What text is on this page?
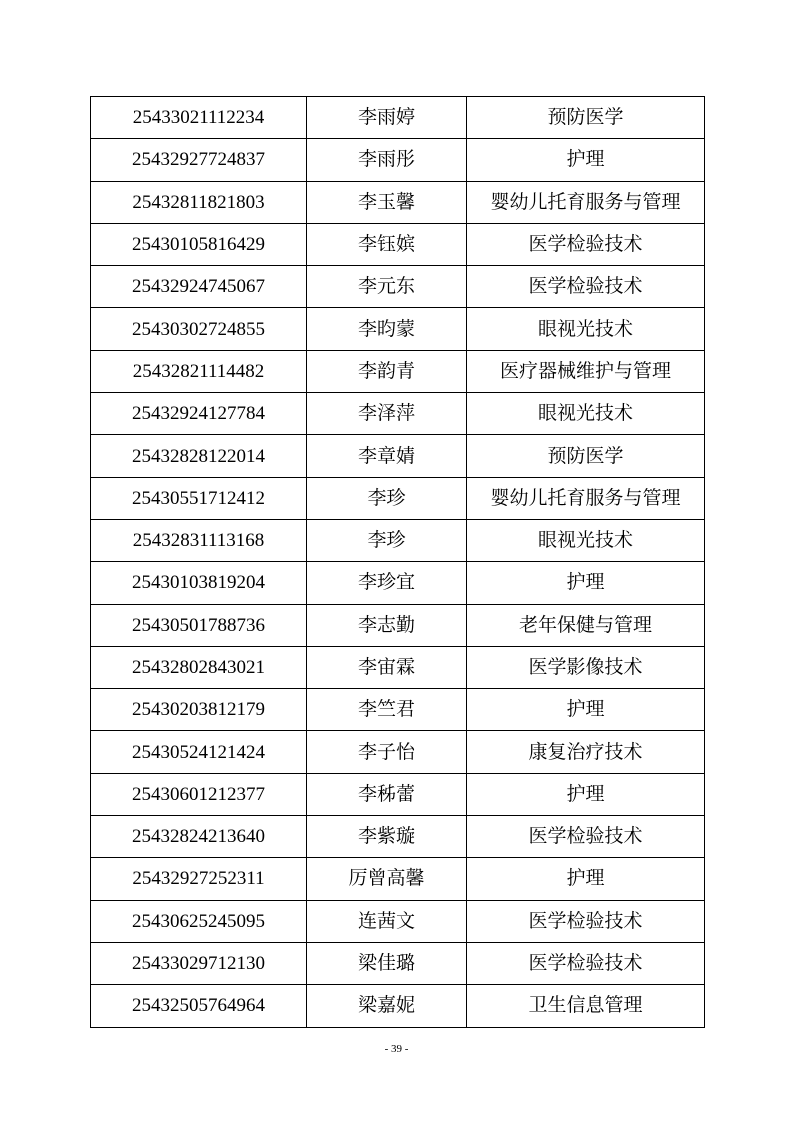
25433021112234	李雨婷	预防医学
25432927724837	李雨彤	护理
25432811821803	李玉馨	婴幼儿托育服务与管理
25430105816429	李钰嫔	医学检验技术
25432924745067	李元东	医学检验技术
25430302724855	李昀蒙	眼视光技术
25432821114482	李韵青	医疗器械维护与管理
25432924127784	李泽萍	眼视光技术
25432828122014	李章婧	预防医学
25430551712412	李珍	婴幼儿托育服务与管理
25432831113168	李珍	眼视光技术
25430103819204	李珍宜	护理
25430501788736	李志勤	老年保健与管理
25432802843021	李宙霖	医学影像技术
25430203812179	李竺君	护理
25430524121424	李子怡	康复治疗技术
25430601212377	李秭蕾	护理
25432824213640	李紫璇	医学检验技术
25432927252311	厉曾高馨	护理
25430625245095	连茜文	医学检验技术
25433029712130	梁佳璐	医学检验技术
25432505764964	梁嘉妮	卫生信息管理
- 39 -
